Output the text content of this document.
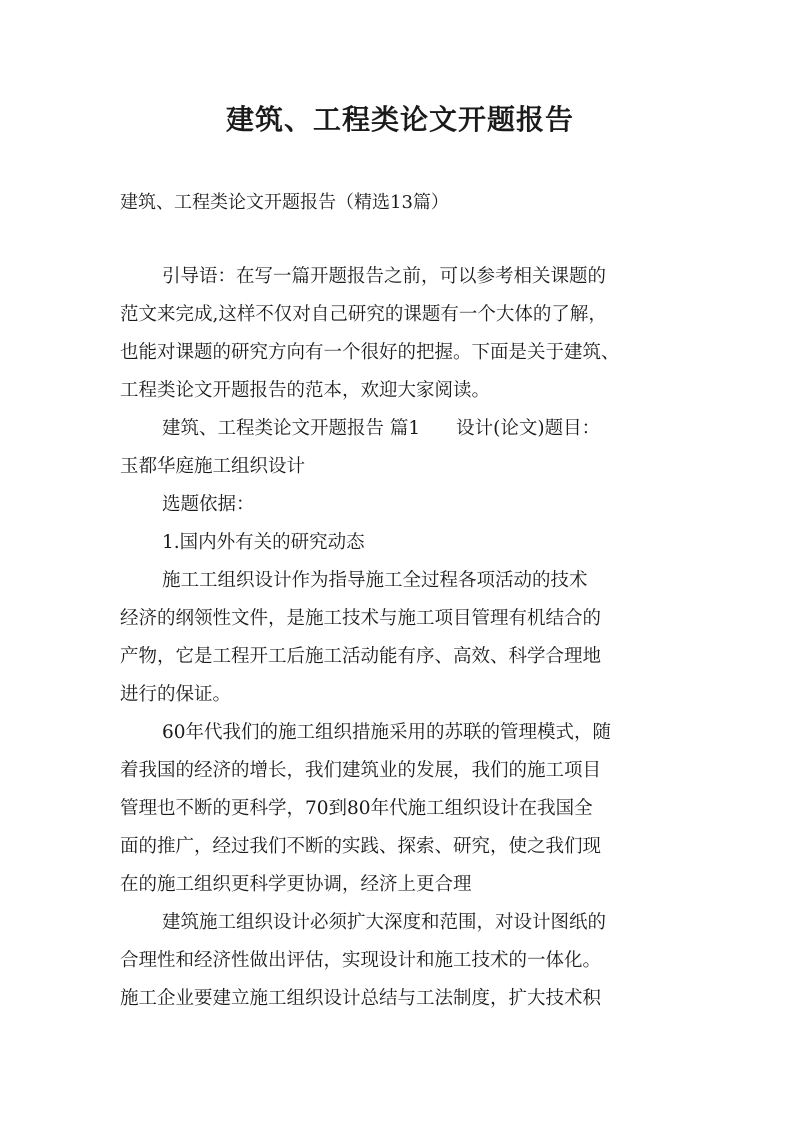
建筑、工程类论文开题报告

建筑、工程类论文开题报告（精选13篇）

引导语：在写一篇开题报告之前，可以参考相关课题的

范文来完成,这样不仅对自己研究的课题有一个大体的了解，

也能对课题的研究方向有一个很好的把握。下面是关于建筑、

工程类论文开题报告的范本，欢迎大家阅读。

建筑、工程类论文开题报告 篇1 设计(论文)题目：

玉都华庭施工组织设计

选题依据：

1.国内外有关的研究动态

施工工组织设计作为指导施工全过程各项活动的技术

经济的纲领性文件，是施工技术与施工项目管理有机结合的

产物，它是工程开工后施工活动能有序、高效、科学合理地

进行的保证。

60年代我们的施工组织措施采用的苏联的管理模式，随

着我国的经济的增长，我们建筑业的发展，我们的施工项目

管理也不断的更科学，70到80年代施工组织设计在我国全

面的推广，经过我们不断的实践、探索、研究，使之我们现

在的施工组织更科学更协调，经济上更合理

建筑施工组织设计必须扩大深度和范围，对设计图纸的

合理性和经济性做出评估，实现设计和施工技术的一体化。

施工企业要建立施工组织设计总结与工法制度，扩大技术积
